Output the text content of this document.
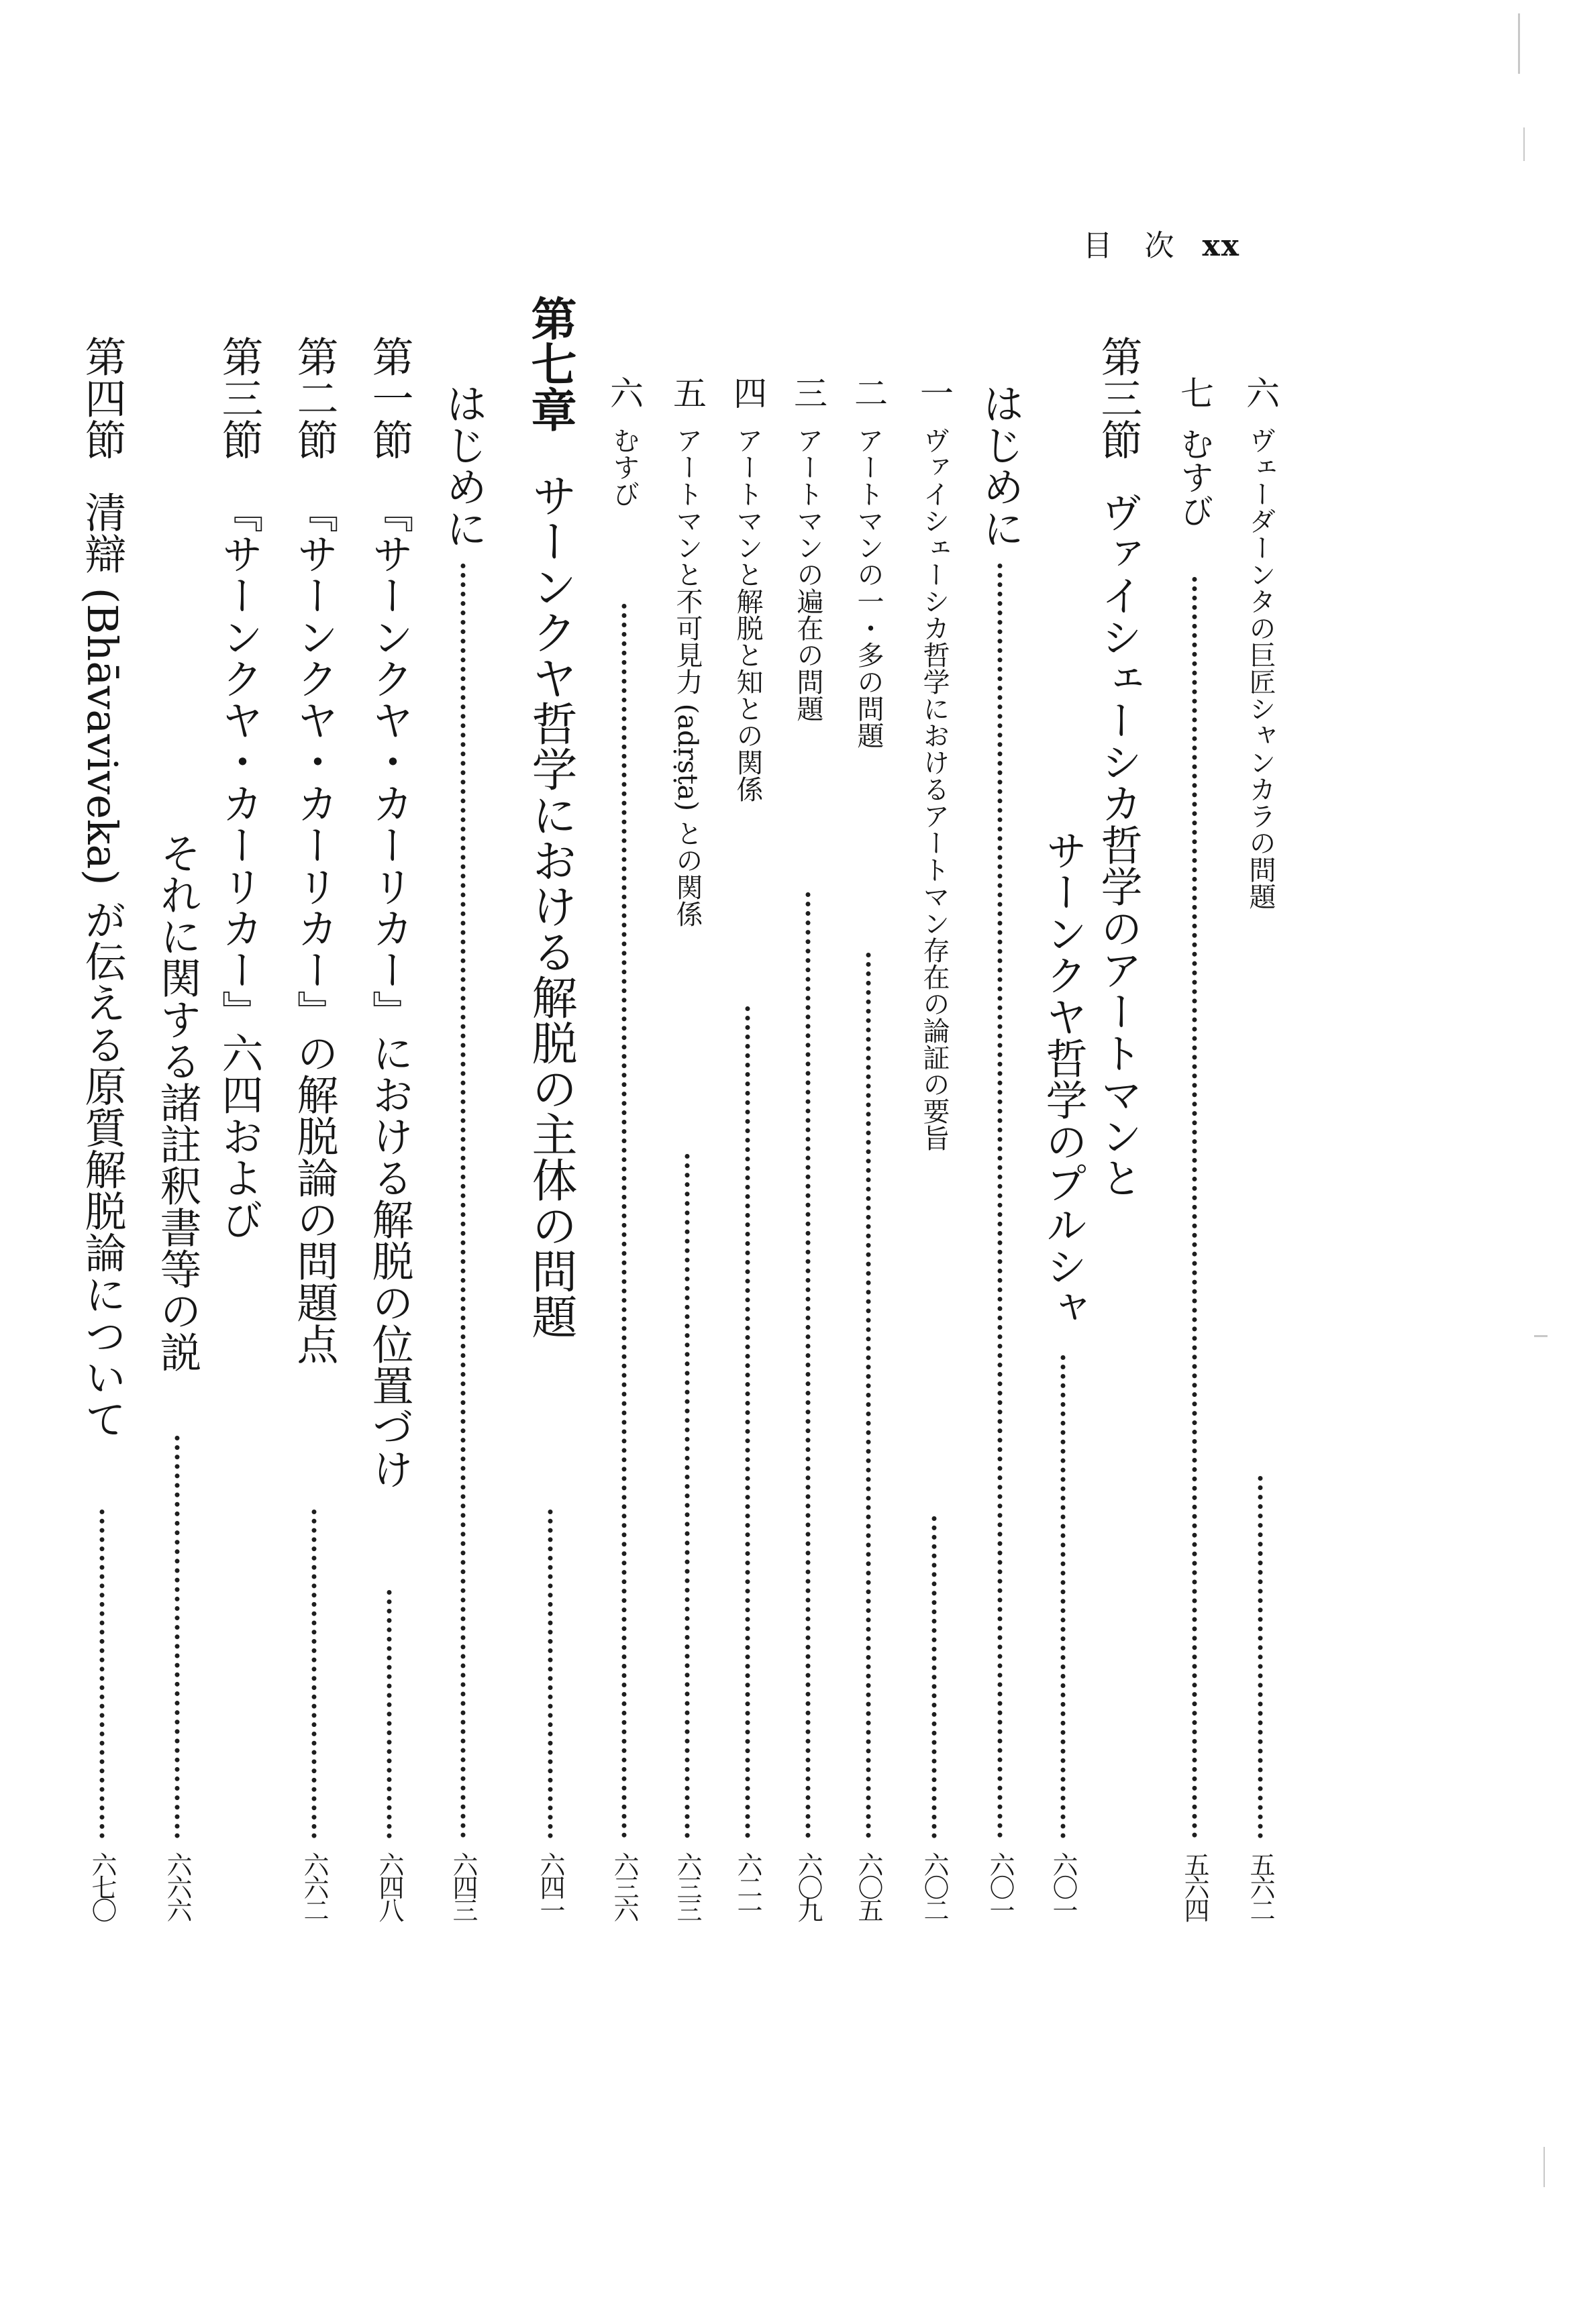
目 次 xx
六ヴェーダーンタの巨匠シャンカラの問題
五六二
七むすび
五六四
第三節ヴァイシェーシカ哲学のアートマンと
サーンクヤ哲学のプルシャ
六〇一
はじめに
六〇一
一ヴァイシェーシカ哲学におけるアートマン存在の論証の要旨
六〇二
二アートマンの一・多の問題
六〇五
三アートマンの遍在の問題
六〇九
四アートマンと解脱と知との関係
六二一
五アートマンと不可見力 (adṛṣṭa) との関係
六三三
六むすび
六三六
第七章サーンクヤ哲学における解脱の主体の問題
六四一
はじめに
六四三
第一節『サーンクヤ・カーリカー』における解脱の位置づけ
六四八
第二節『サーンクヤ・カーリカー』の解脱論の問題点
六六二
第三節『サーンクヤ・カーリカー』六四および
それに関する諸註釈書等の説
六六六
第四節清辯 (Bhāvaviveka) が伝える原質解脱論について
六七〇
